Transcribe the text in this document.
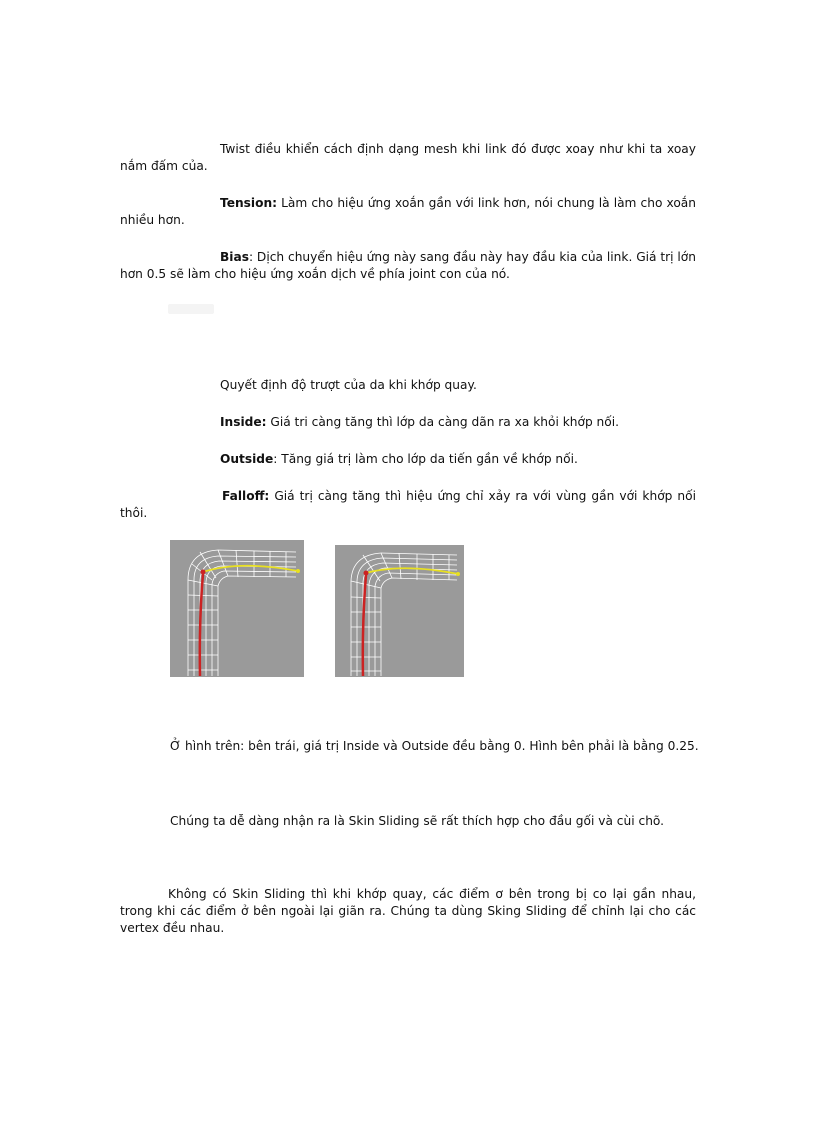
Twist điều khiển cách định dạng mesh khi link đó được xoay như khi ta xoay nắm đấm của.
Tension: Làm cho hiệu ứng xoắn gần với link hơn, nói chung là làm cho xoắn nhiều hơn.
Bias: Dịch chuyển hiệu ứng này sang đầu này hay đầu kia của link. Giá trị lớn hơn 0.5 sẽ làm cho hiệu ứng xoắn dịch về phía joint con của nó.
Quyết định độ trượt của da khi khớp quay.
Inside: Giá tri càng tăng thì lớp da càng dãn ra xa khỏi khớp nối.
Outside: Tăng giá trị làm cho lớp da tiến gần về khớp nối.
Falloff: Giá trị càng tăng thì hiệu ứng chỉ xảy ra với vùng gần với khớp nối thôi.
Ở hình trên: bên trái, giá trị Inside và Outside đều bằng 0. Hình bên phải là bằng 0.25.
Chúng ta dễ dàng nhận ra là Skin Sliding sẽ rất thích hợp cho đầu gối và cùi chõ.
Không có Skin Sliding thì khi khớp quay, các điểm ơ bên trong bị co lại gần nhau, trong khi các điểm ở bên ngoài lại giãn ra. Chúng ta dùng Sking Sliding để chỉnh lại cho các vertex đều nhau.
